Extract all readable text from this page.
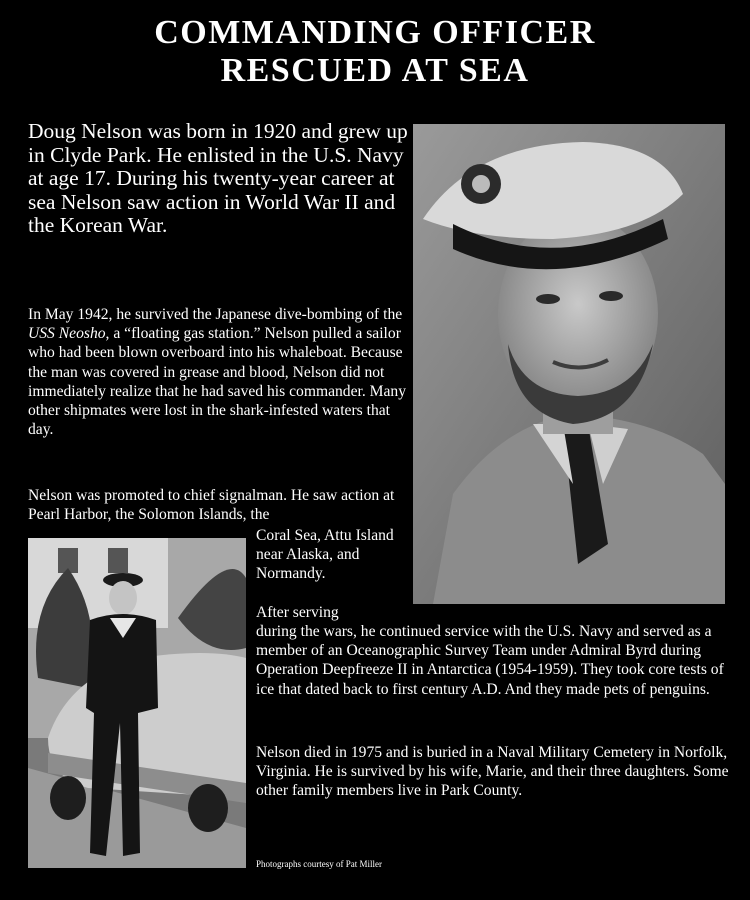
COMMANDING OFFICER
RESCUED AT SEA

Doug Nelson was born in 1920 and grew up in Clyde Park. He enlisted in the U.S. Navy at age 17. During his twenty-year career at sea Nelson saw action in World War II and the Korean War.

In May 1942, he survived the Japanese dive-bombing of the USS Neosho, a “floating gas station.” Nelson pulled a sailor who had been blown overboard into his whaleboat. Because the man was covered in grease and blood, Nelson did not immediately realize that he had saved his commander. Many other shipmates were lost in the shark-infested waters that day.

Nelson was promoted to chief signalman. He saw action at Pearl Harbor, the Solomon Islands, the

Coral Sea, Attu Island near Alaska, and Normandy.

After serving

during the wars, he continued service with the U.S. Navy and served as a member of an Oceanographic Survey Team under Admiral Byrd during Operation Deepfreeze II in Antarctica (1954-1959). They took core tests of ice that dated back to first century A.D. And they made pets of penguins.

Nelson died in 1975 and is buried in a Naval Military Cemetery in Norfolk, Virginia. He is survived by his wife, Marie, and their three daughters. Some other family members live in Park County.

Photographs courtesy of Pat Miller
